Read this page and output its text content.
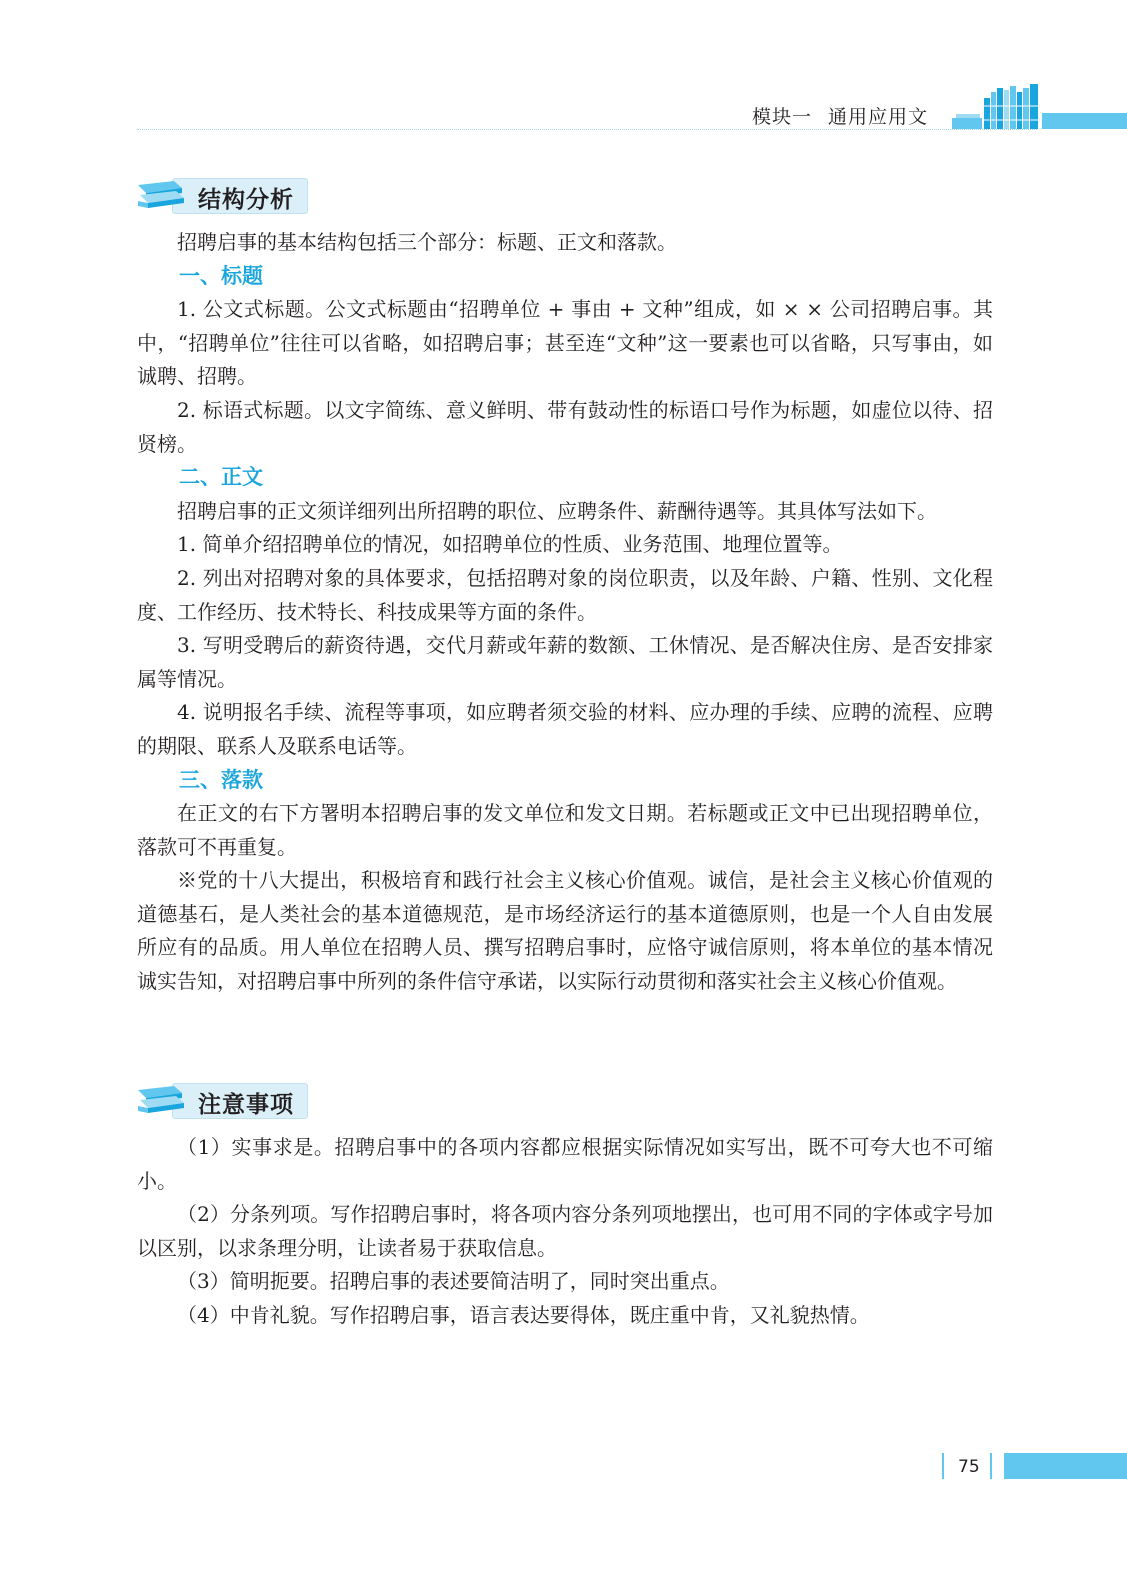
模块一 通用应用文
结构分析

招聘启事的基本结构包括三个部分：标题、正文和落款。

一、标题

1. 公文式标题。公文式标题由“招聘单位 + 事由 + 文种”组成，如 × × 公司招聘启事。其中，“招聘单位”往往可以省略，如招聘启事；甚至连“文种”这一要素也可以省略，只写事由，如诚聘、招聘。

2. 标语式标题。以文字简练、意义鲜明、带有鼓动性的标语口号作为标题，如虚位以待、招贤榜。

二、正文

招聘启事的正文须详细列出所招聘的职位、应聘条件、薪酬待遇等。其具体写法如下。

1. 简单介绍招聘单位的情况，如招聘单位的性质、业务范围、地理位置等。

2. 列出对招聘对象的具体要求，包括招聘对象的岗位职责，以及年龄、户籍、性别、文化程度、工作经历、技术特长、科技成果等方面的条件。

3. 写明受聘后的薪资待遇，交代月薪或年薪的数额、工休情况、是否解决住房、是否安排家属等情况。

4. 说明报名手续、流程等事项，如应聘者须交验的材料、应办理的手续、应聘的流程、应聘的期限、联系人及联系电话等。

三、落款

在正文的右下方署明本招聘启事的发文单位和发文日期。若标题或正文中已出现招聘单位，落款可不再重复。

※党的十八大提出，积极培育和践行社会主义核心价值观。诚信，是社会主义核心价值观的道德基石，是人类社会的基本道德规范，是市场经济运行的基本道德原则，也是一个人自由发展所应有的品质。用人单位在招聘人员、撰写招聘启事时，应恪守诚信原则，将本单位的基本情况诚实告知，对招聘启事中所列的条件信守承诺，以实际行动贯彻和落实社会主义核心价值观。

注意事项

（1）实事求是。招聘启事中的各项内容都应根据实际情况如实写出，既不可夸大也不可缩小。

（2）分条列项。写作招聘启事时，将各项内容分条列项地摆出，也可用不同的字体或字号加以区别，以求条理分明，让读者易于获取信息。

（3）简明扼要。招聘启事的表述要简洁明了，同时突出重点。

（4）中肯礼貌。写作招聘启事，语言表达要得体，既庄重中肯，又礼貌热情。

75
